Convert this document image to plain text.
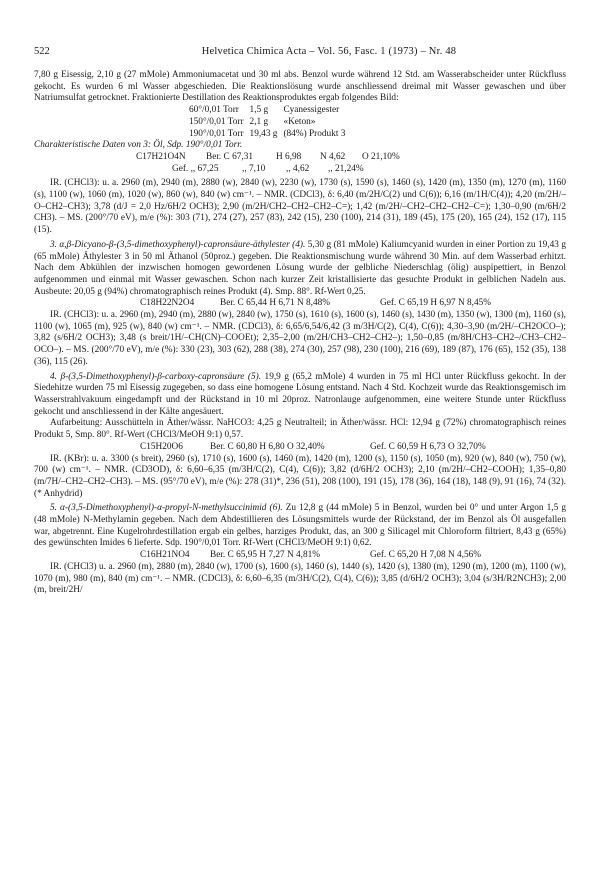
522	Helvetica Chimica Acta – Vol. 56, Fasc. 1 (1973) – Nr. 48

7,80 g Eisessig, 2,10 g (27 mMole) Ammoniumacetat und 30 ml abs. Benzol wurde während 12 Std. am Wasserabscheider unter Rückfluss gekocht. Es wurden 6 ml Wasser abgeschieden. Die Reaktionslösung wurde anschliessend dreimal mit Wasser gewaschen und über Natriumsulfat getrocknet. Fraktionierte Destillation des Reaktionsproduktes ergab folgendes Bild:

60°/0,01 Torr	1,5 g	Cyanessigester
150°/0,01 Torr	2,1 g	«Keton»
190°/0,01 Torr	19,43 g	(84%) Produkt 3

Charakteristische Daten von 3: Öl, Sdp. 190°/0,01 Torr.

C17H21O4N	Ber. C 67,31	H 6,98	N 4,62	O 21,10%
Gef. ,, 67,25	,, 7,10	,, 4,62	,, 21,24%

IR. (CHCl3): u. a. 2960 (m), 2940 (m), 2880 (w), 2840 (w), 2230 (w), 1730 (s), 1590 (s), 1460 (s), 1420 (m), 1350 (m), 1270 (m), 1160 (s), 1100 (w), 1060 (m), 1020 (w), 860 (w), 840 (w) cm⁻¹. – NMR. (CDCl3), δ: 6,40 (m/2H/C(2) und C(6)); 6,16 (m/1H/C(4)); 4,20 (m/2H/–O–CH2–CH3); 3,78 (d/J = 2,0 Hz/6H/2 OCH3); 2,90 (m/2H/CH2–CH2–CH2–C=); 1,42 (m/2H/–CH2–CH2–CH2–C=); 1,30–0,90 (m/6H/2 CH3). – MS. (200°/70 eV), m/e (%): 303 (71), 274 (27), 257 (83), 242 (15), 230 (100), 214 (31), 189 (45), 175 (20), 165 (24), 152 (17), 115 (15).

3. α,β-Dicyano-β-(3,5-dimethoxyphenyl)-capronsäure-äthylester (4). 5,30 g (81 mMole) Kaliumcyanid wurden in einer Portion zu 19,43 g (65 mMole) Äthylester 3 in 50 ml Äthanol (50proz.) gegeben. Die Reaktionsmischung wurde während 30 Min. auf dem Wasserbad erhitzt. Nach dem Abkühlen der inzwischen homogen gewordenen Lösung wurde der gelbliche Niederschlag (ölig) auspipettiert, in Benzol aufgenommen und einmal mit Wasser gewaschen. Schon nach kurzer Zeit kristallisierte das gesuchte Produkt in gelblichen Nadeln aus. Ausbeute: 20,05 g (94%) chromatographisch reines Produkt (4). Smp. 88°. Rf-Wert 0,25.

C18H22N2O4	Ber. C 65,44 H 6,71 N 8,48%	Gef. C 65,19 H 6,97 N 8,45%

IR. (CHCl3): u. a. 2960 (m), 2940 (m), 2880 (w), 2840 (w), 1750 (s), 1610 (s), 1600 (s), 1460 (s), 1430 (m), 1350 (w), 1300 (m), 1160 (s), 1100 (w), 1065 (m), 925 (w), 840 (w) cm⁻¹. – NMR. (CDCl3), δ: 6,65/6,54/6,42 (3 m/3H/C(2), C(4), C(6)); 4,30–3,90 (m/2H/–CH2OCO–); 3,82 (s/6H/2 OCH3); 3,48 (s breit/1H/–CH(CN)–COOEt); 2,35–2,00 (m/2H/CH3–CH2–CH2–); 1,50–0,85 (m/8H/CH3–CH2–/CH3–CH2–OCO–). – MS. (200°/70 eV), m/e (%): 330 (23), 303 (62), 288 (38), 274 (30), 257 (98), 230 (100), 216 (69), 189 (87), 176 (65), 152 (35), 138 (36), 115 (26).

4. β-(3,5-Dimethoxyphenyl)-β-carboxy-capronsäure (5). 19,9 g (65,2 mMole) 4 wurden in 75 ml HCl unter Rückfluss gekocht. In der Siedehitze wurden 75 ml Eisessig zugegeben, so dass eine homogene Lösung entstand. Nach 4 Std. Kochzeit wurde das Reaktionsgemisch im Wasserstrahlvakuum eingedampft und der Rückstand in 10 ml 20proz. Natronlauge aufgenommen, eine weitere Stunde unter Rückfluss gekocht und anschliessend in der Kälte angesäuert.

Aufarbeitung: Ausschütteln in Äther/wässr. NaHCO3: 4,25 g Neutralteil; in Äther/wässr. HCl: 12,94 g (72%) chromatographisch reines Produkt 5, Smp. 80°. Rf-Wert (CHCl3/MeOH 9:1) 0,57.

C15H20O6	Ber. C 60,80 H 6,80 O 32,40%	Gef. C 60,59 H 6,73 O 32,70%

IR. (KBr): u. a. 3300 (s breit), 2960 (s), 1710 (s), 1600 (s), 1460 (m), 1420 (m), 1200 (s), 1150 (s), 1050 (m), 920 (w), 840 (w), 750 (w), 700 (w) cm⁻¹. – NMR. (CD3OD), δ: 6,60–6,35 (m/3H/C(2), C(4), C(6)); 3,82 (d/6H/2 OCH3); 2,10 (m/2H/–CH2–COOH); 1,35–0,80 (m/7H/–CH2–CH2–CH3). – MS. (95°/70 eV), m/e (%): 278 (31)*, 236 (51), 208 (100), 191 (15), 178 (36), 164 (18), 148 (9), 91 (16), 74 (32). (* Anhydrid)

5. α-(3,5-Dimethoxyphenyl)-α-propyl-N-methylsuccinimid (6). Zu 12,8 g (44 mMole) 5 in Benzol, wurden bei 0° und unter Argon 1,5 g (48 mMole) N-Methylamin gegeben. Nach dem Abdestillieren des Lösungsmittels wurde der Rückstand, der im Benzol als Öl ausgefallen war, abgetrennt. Eine Kugelrohrdestillation ergab ein gelbes, harziges Produkt, das, an 300 g Silicagel mit Chloroform filtriert, 8,43 g (65%) des gewünschten Imides 6 lieferte. Sdp. 190°/0,01 Torr. Rf-Wert (CHCl3/MeOH 9:1) 0,62.

C16H21NO4	Ber. C 65,95 H 7,27 N 4,81%	Gef. C 65,20 H 7,08 N 4,56%

IR. (CHCl3) u. a. 2960 (m), 2880 (m), 2840 (w), 1700 (s), 1600 (s), 1460 (s), 1440 (s), 1420 (s), 1380 (m), 1290 (m), 1200 (m), 1100 (w), 1070 (m), 980 (m), 840 (m) cm⁻¹. – NMR. (CDCl3), δ: 6,60–6,35 (m/3H/C(2), C(4), C(6)); 3,85 (d/6H/2 OCH3); 3,04 (s/3H/R2NCH3); 2,00 (m, breit/2H/
